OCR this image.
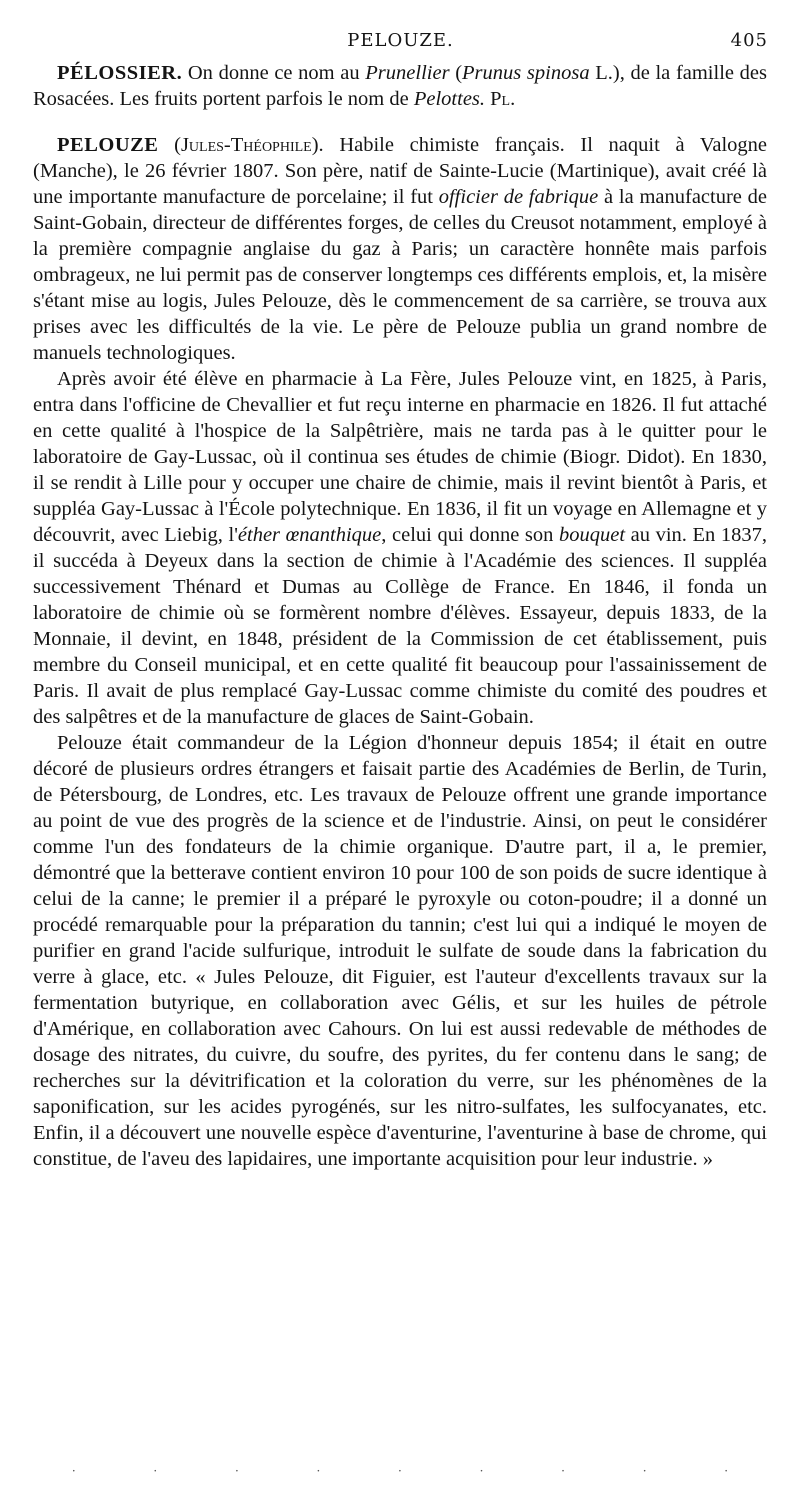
PELOUZE.	405

PÉLOSSIER. On donne ce nom au Prunellier (Prunus spinosa L.), de la famille des Rosacées. Les fruits portent parfois le nom de Pelottes. Pl.

PELOUZE (Jules-Théophile). Habile chimiste français. Il naquit à Valogne (Manche), le 26 février 1807. Son père, natif de Sainte-Lucie (Martinique), avait créé là une importante manufacture de porcelaine; il fut officier de fabrique à la manufacture de Saint-Gobain, directeur de différentes forges, de celles du Creusot notamment, employé à la première compagnie anglaise du gaz à Paris; un caractère honnête mais parfois ombrageux, ne lui permit pas de conserver longtemps ces différents emplois, et, la misère s'étant mise au logis, Jules Pelouze, dès le commencement de sa carrière, se trouva aux prises avec les difficultés de la vie. Le père de Pelouze publia un grand nombre de manuels technologiques.

Après avoir été élève en pharmacie à La Fère, Jules Pelouze vint, en 1825, à Paris, entra dans l'officine de Chevallier et fut reçu interne en pharmacie en 1826. Il fut attaché en cette qualité à l'hospice de la Salpêtrière, mais ne tarda pas à le quitter pour le laboratoire de Gay-Lussac, où il continua ses études de chimie (Biogr. Didot). En 1830, il se rendit à Lille pour y occuper une chaire de chimie, mais il revint bientôt à Paris, et suppléa Gay-Lussac à l'École polytechnique. En 1836, il fit un voyage en Allemagne et y découvrit, avec Liebig, l'éther œnanthique, celui qui donne son bouquet au vin. En 1837, il succéda à Deyeux dans la section de chimie à l'Académie des sciences. Il suppléa successivement Thénard et Dumas au Collège de France. En 1846, il fonda un laboratoire de chimie où se formèrent nombre d'élèves. Essayeur, depuis 1833, de la Monnaie, il devint, en 1848, président de la Commission de cet établissement, puis membre du Conseil municipal, et en cette qualité fit beaucoup pour l'assainissement de Paris. Il avait de plus remplacé Gay-Lussac comme chimiste du comité des poudres et des salpêtres et de la manufacture de glaces de Saint-Gobain.

Pelouze était commandeur de la Légion d'honneur depuis 1854; il était en outre décoré de plusieurs ordres étrangers et faisait partie des Académies de Berlin, de Turin, de Pétersbourg, de Londres, etc. Les travaux de Pelouze offrent une grande importance au point de vue des progrès de la science et de l'industrie. Ainsi, on peut le considérer comme l'un des fondateurs de la chimie organique. D'autre part, il a, le premier, démontré que la betterave contient environ 10 pour 100 de son poids de sucre identique à celui de la canne; le premier il a préparé le pyroxyle ou coton-poudre; il a donné un procédé remarquable pour la préparation du tannin; c'est lui qui a indiqué le moyen de purifier en grand l'acide sulfurique, introduit le sulfate de soude dans la fabrication du verre à glace, etc. « Jules Pelouze, dit Figuier, est l'auteur d'excellents travaux sur la fermentation butyrique, en collaboration avec Gélis, et sur les huiles de pétrole d'Amérique, en collaboration avec Cahours. On lui est aussi redevable de méthodes de dosage des nitrates, du cuivre, du soufre, des pyrites, du fer contenu dans le sang; de recherches sur la dévitrification et la coloration du verre, sur les phénomènes de la saponification, sur les acides pyrogénés, sur les nitro-sulfates, les sulfocyanates, etc. Enfin, il a découvert une nouvelle espèce d'aventurine, l'aventurine à base de chrome, qui constitue, de l'aveu des lapidaires, une importante acquisition pour leur industrie. »

·	·	·	·	·	·	·	·	·
